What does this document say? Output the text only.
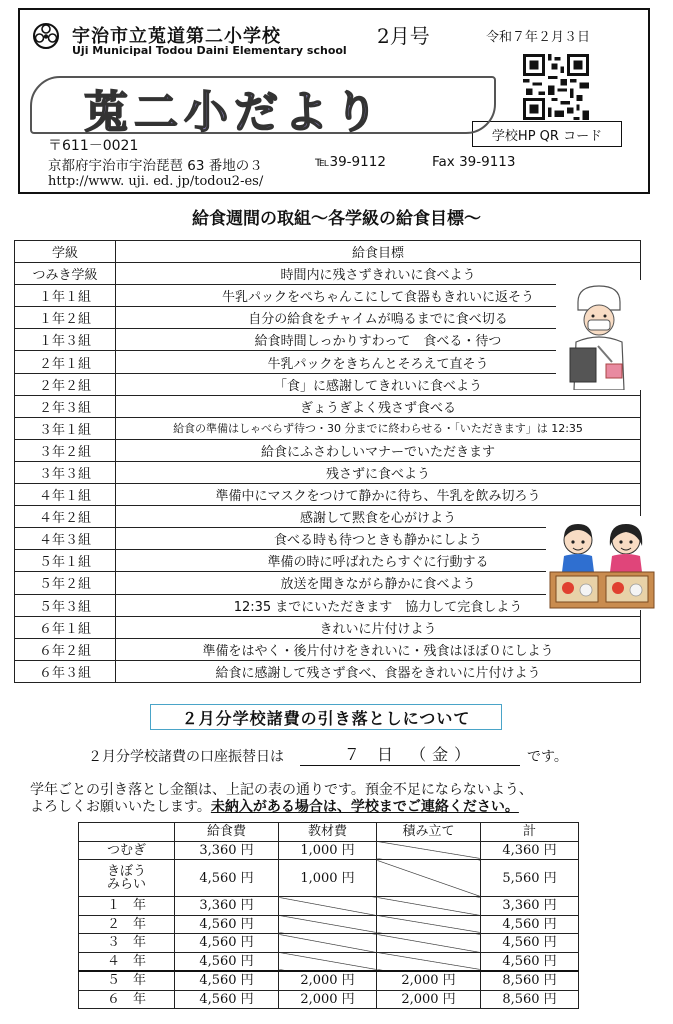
宇治市立莵道第二小学校
Uji Municipal Todou Daini Elementary school
2月号	令和７年２月３日
学校HP QR コード
莵二小だより
〒611－0021
京都府宇治市宇治琵琶 63 番地の３	℡39-9112	Fax 39-9113
http://www. uji. ed. jp/todou2-es/
給食週間の取組～各学級の給食目標～
学級	給食目標
つみき学級	時間内に残さずきれいに食べよう
１年１組	牛乳パックをぺちゃんこにして食器もきれいに返そう
１年２組	自分の給食をチャイムが鳴るまでに食べ切る
１年３組	給食時間しっかりすわって　食べる・待つ
２年１組	牛乳パックをきちんとそろえて直そう
２年２組	「食」に感謝してきれいに食べよう
２年３組	ぎょうぎよく残さず食べる
３年１組	給食の準備はしゃべらず待つ・30 分までに終わらせる・「いただきます」は 12:35
３年２組	給食にふさわしいマナーでいただきます
３年３組	残さずに食べよう
４年１組	準備中にマスクをつけて静かに待ち、牛乳を飲み切ろう
４年２組	感謝して黙食を心がけよう
４年３組	食べる時も待つときも静かにしよう
５年１組	準備の時に呼ばれたらすぐに行動する
５年２組	放送を聞きながら静かに食べよう
５年３組	12:35 までにいただきます　協力して完食しよう
６年１組	きれいに片付けよう
６年２組	準備をはやく・後片付けをきれいに・残食はほぼ０にしよう
６年３組	給食に感謝して残さず食べ、食器をきれいに片付けよう
２月分学校諸費の引き落としについて
２月分学校諸費の口座振替日は	７ 日 （金）	です。
学年ごとの引き落とし金額は、上記の表の通りです。預金不足にならないよう、
よろしくお願いいたします。未納入がある場合は、学校までご連絡ください。
	給食費	教材費	積み立て	計
つむぎ	3,360 円	1,000 円		4,360 円
きぼう
みらい	4,560 円	1,000 円		5,560 円
１　年	3,360 円			3,360 円
２　年	4,560 円			4,560 円
３　年	4,560 円			4,560 円
４　年	4,560 円			4,560 円
５　年	4,560 円	2,000 円	2,000 円	8,560 円
６　年	4,560 円	2,000 円	2,000 円	8,560 円
